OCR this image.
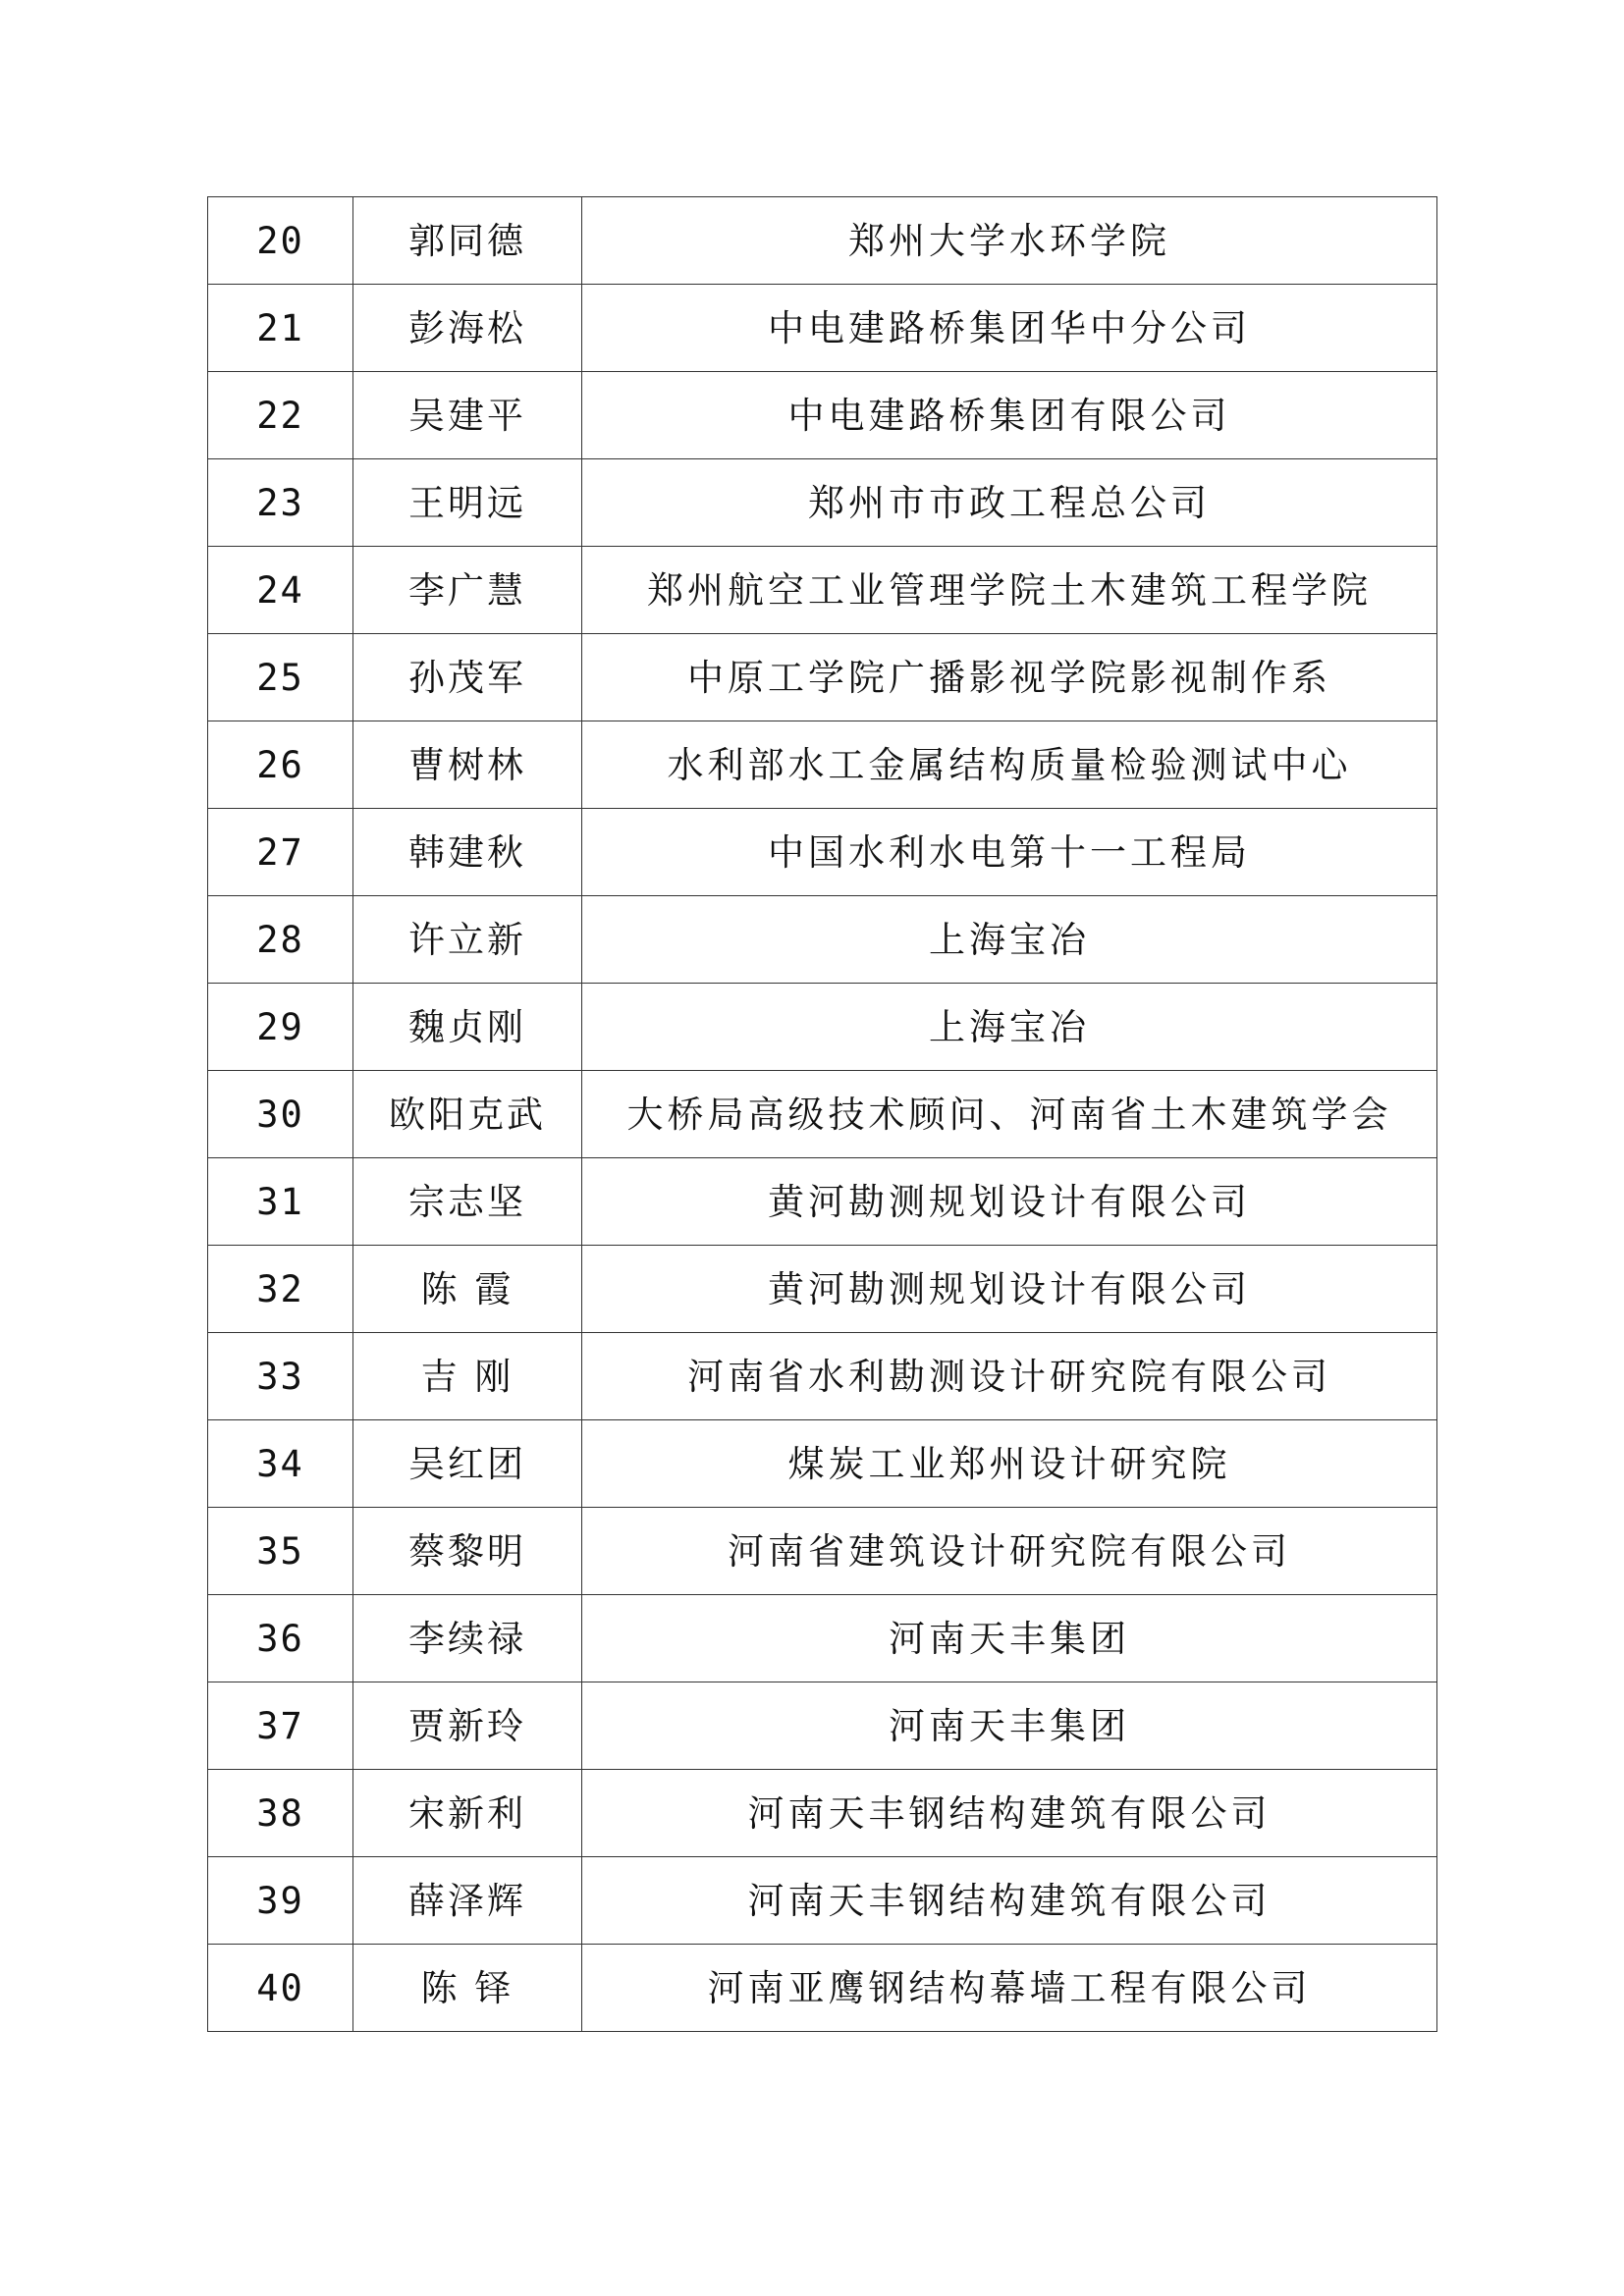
20	郭同德	郑州大学水环学院
21	彭海松	中电建路桥集团华中分公司
22	吴建平	中电建路桥集团有限公司
23	王明远	郑州市市政工程总公司
24	李广慧	郑州航空工业管理学院土木建筑工程学院
25	孙茂军	中原工学院广播影视学院影视制作系
26	曹树林	水利部水工金属结构质量检验测试中心
27	韩建秋	中国水利水电第十一工程局
28	许立新	上海宝冶
29	魏贞刚	上海宝冶
30	欧阳克武	大桥局高级技术顾问、河南省土木建筑学会
31	宗志坚	黄河勘测规划设计有限公司
32	陈 霞	黄河勘测规划设计有限公司
33	吉 刚	河南省水利勘测设计研究院有限公司
34	吴红团	煤炭工业郑州设计研究院
35	蔡黎明	河南省建筑设计研究院有限公司
36	李续禄	河南天丰集团
37	贾新玲	河南天丰集团
38	宋新利	河南天丰钢结构建筑有限公司
39	薛泽辉	河南天丰钢结构建筑有限公司
40	陈 铎	河南亚鹰钢结构幕墙工程有限公司
